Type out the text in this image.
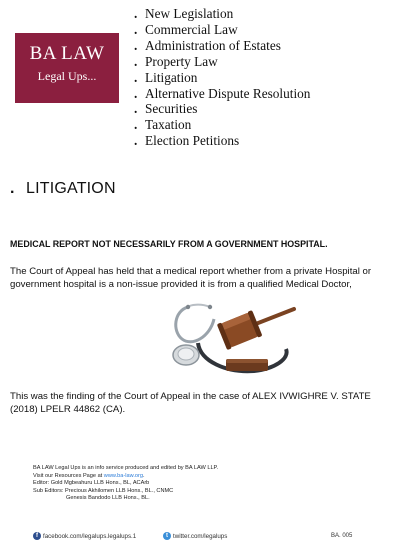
BA LAW
Legal Ups...
. New Legislation
. Commercial Law
. Administration of Estates
. Property Law
. Litigation
. Alternative Dispute Resolution
. Securities
. Taxation
. Election Petitions
. LITIGATION
MEDICAL REPORT NOT NECESSARILY FROM A GOVERNMENT HOSPITAL.

The Court of Appeal has held that a medical report whether from a private Hospital or government hospital is a non-issue provided it is from a qualified Medical Doctor,

This was the finding of the Court of Appeal in the case of ALEX IVWIGHRE V. STATE (2018) LPELR 44862 (CA).

BA LAW Legal Ups is an info service produced and edited by BA LAW LLP.
Visit our Resources Page at www.ba-law.org.
Editor: Gold Mgbeahuru LLB Hons., BL, ACArb
Sub Editors: Precious Akhilomen LLB Hons., BL., CNMC
Genesis Bandodo LLB Hons., BL.
f facebook.com/legalups.legalups.1	t twitter.com/legalups	BA. 005
